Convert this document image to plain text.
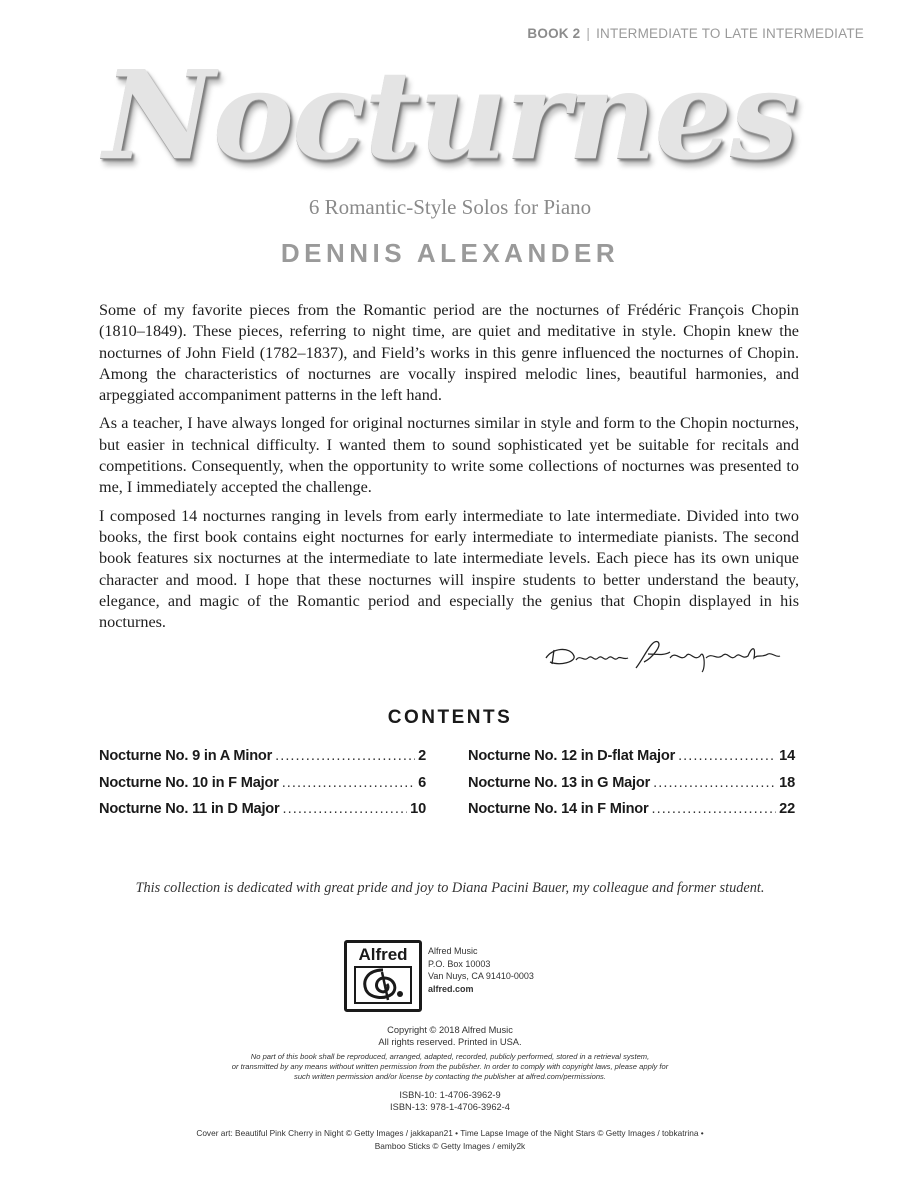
BOOK 2 | INTERMEDIATE TO LATE INTERMEDIATE
Nocturnes
6 Romantic-Style Solos for Piano
DENNIS ALEXANDER

Some of my favorite pieces from the Romantic period are the nocturnes of Frédéric François Chopin (1810–1849). These pieces, referring to night time, are quiet and meditative in style. Chopin knew the nocturnes of John Field (1782–1837), and Field’s works in this genre influenced the nocturnes of Chopin. Among the characteristics of nocturnes are vocally inspired melodic lines, beautiful harmonies, and arpeggiated accompaniment patterns in the left hand.

As a teacher, I have always longed for original nocturnes similar in style and form to the Chopin nocturnes, but easier in technical difficulty. I wanted them to sound sophisticated yet be suitable for recitals and competitions. Consequently, when the opportunity to write some collections of nocturnes was presented to me, I immediately accepted the challenge.

I composed 14 nocturnes ranging in levels from early intermediate to late intermediate. Divided into two books, the first book contains eight nocturnes for early intermediate to intermediate pianists. The second book features six nocturnes at the intermediate to late intermediate levels. Each piece has its own unique character and mood. I hope that these nocturnes will inspire students to better understand the beauty, elegance, and magic of the Romantic period and especially the genius that Chopin displayed in his nocturnes.

CONTENTS
Nocturne No. 9 in A Minor . . .	2
Nocturne No. 10 in F Major . . .	6
Nocturne No. 11 in D Major . . .	10
Nocturne No. 12 in D-flat Major . . .	14
Nocturne No. 13 in G Major . . .	18
Nocturne No. 14 in F Minor . . .	22
This collection is dedicated with great pride and joy to Diana Pacini Bauer, my colleague and former student.
Alfred	Alfred Music
P.O. Box 10003
Van Nuys, CA 91410-0003
alfred.com
Copyright © 2018 Alfred Music
All rights reserved. Printed in USA.
No part of this book shall be reproduced, arranged, adapted, recorded, publicly performed, stored in a retrieval system,
or transmitted by any means without written permission from the publisher. In order to comply with copyright laws, please apply for
such written permission and/or license by contacting the publisher at alfred.com/permissions.
ISBN-10: 1-4706-3962-9
ISBN-13: 978-1-4706-3962-4
Cover art: Beautiful Pink Cherry in Night © Getty Images / jakkapan21 • Time Lapse Image of the Night Stars © Getty Images / tobkatrina •
Bamboo Sticks © Getty Images / emily2k
